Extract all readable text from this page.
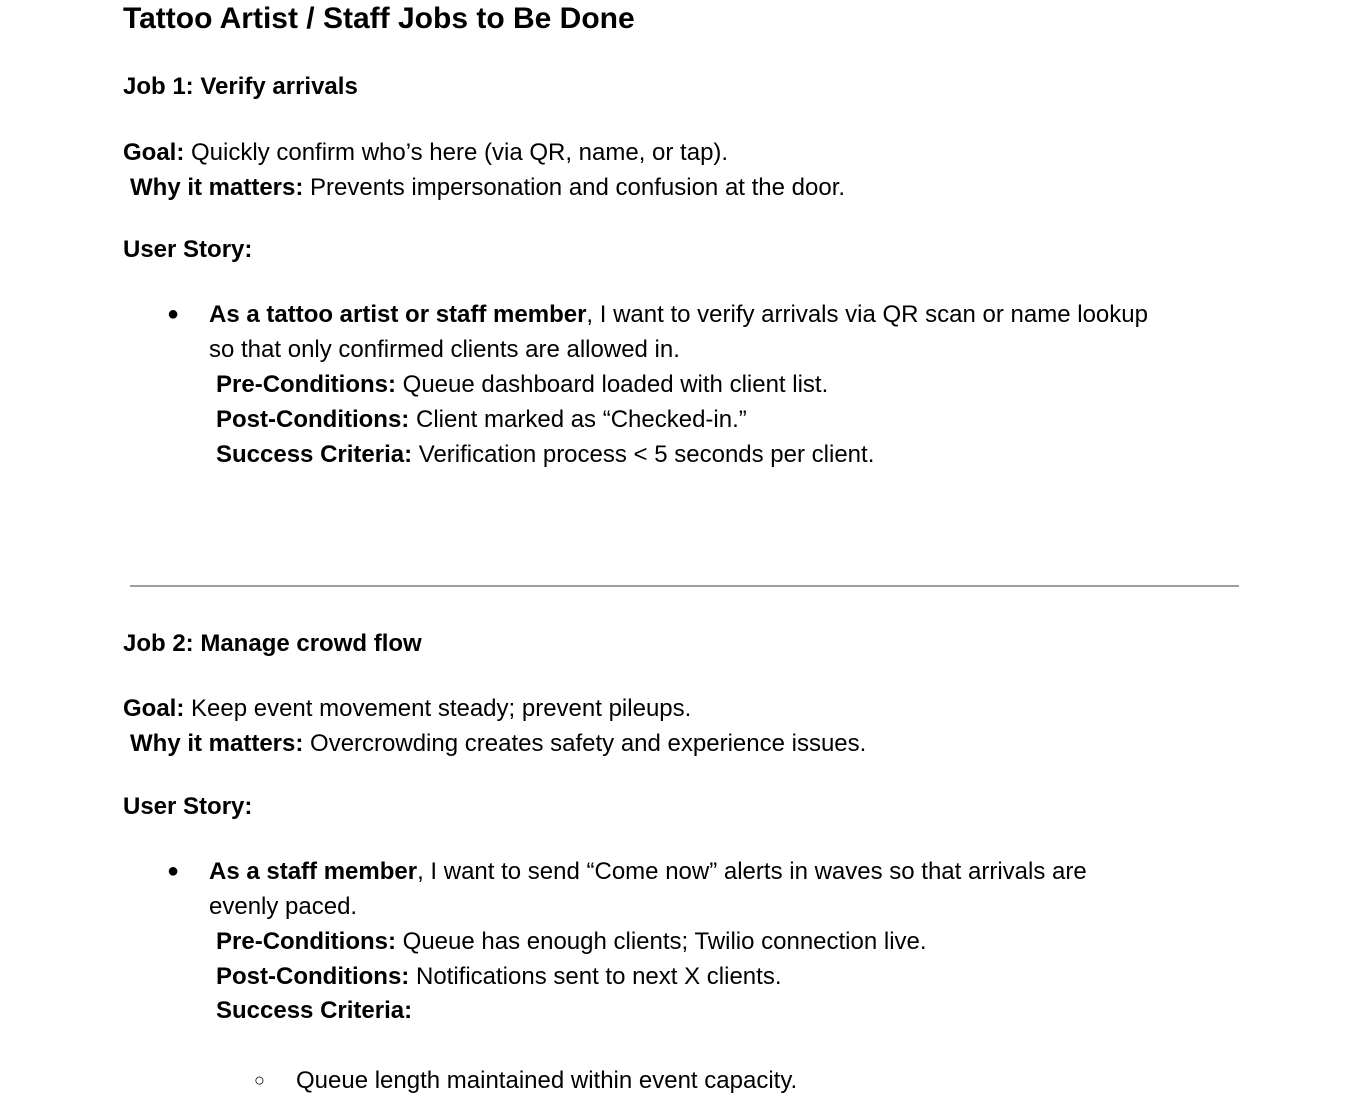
Tattoo Artist / Staff Jobs to Be Done
Job 1: Verify arrivals
Goal: Quickly confirm who’s here (via QR, name, or tap).
Why it matters: Prevents impersonation and confusion at the door.
User Story:
● As a tattoo artist or staff member, I want to verify arrivals via QR scan or name lookup
so that only confirmed clients are allowed in.
Pre-Conditions: Queue dashboard loaded with client list.
Post-Conditions: Client marked as “Checked-in.”
Success Criteria: Verification process < 5 seconds per client.
Job 2: Manage crowd flow
Goal: Keep event movement steady; prevent pileups.
Why it matters: Overcrowding creates safety and experience issues.
User Story:
● As a staff member, I want to send “Come now” alerts in waves so that arrivals are
evenly paced.
Pre-Conditions: Queue has enough clients; Twilio connection live.
Post-Conditions: Notifications sent to next X clients.
Success Criteria:
○ Queue length maintained within event capacity.
